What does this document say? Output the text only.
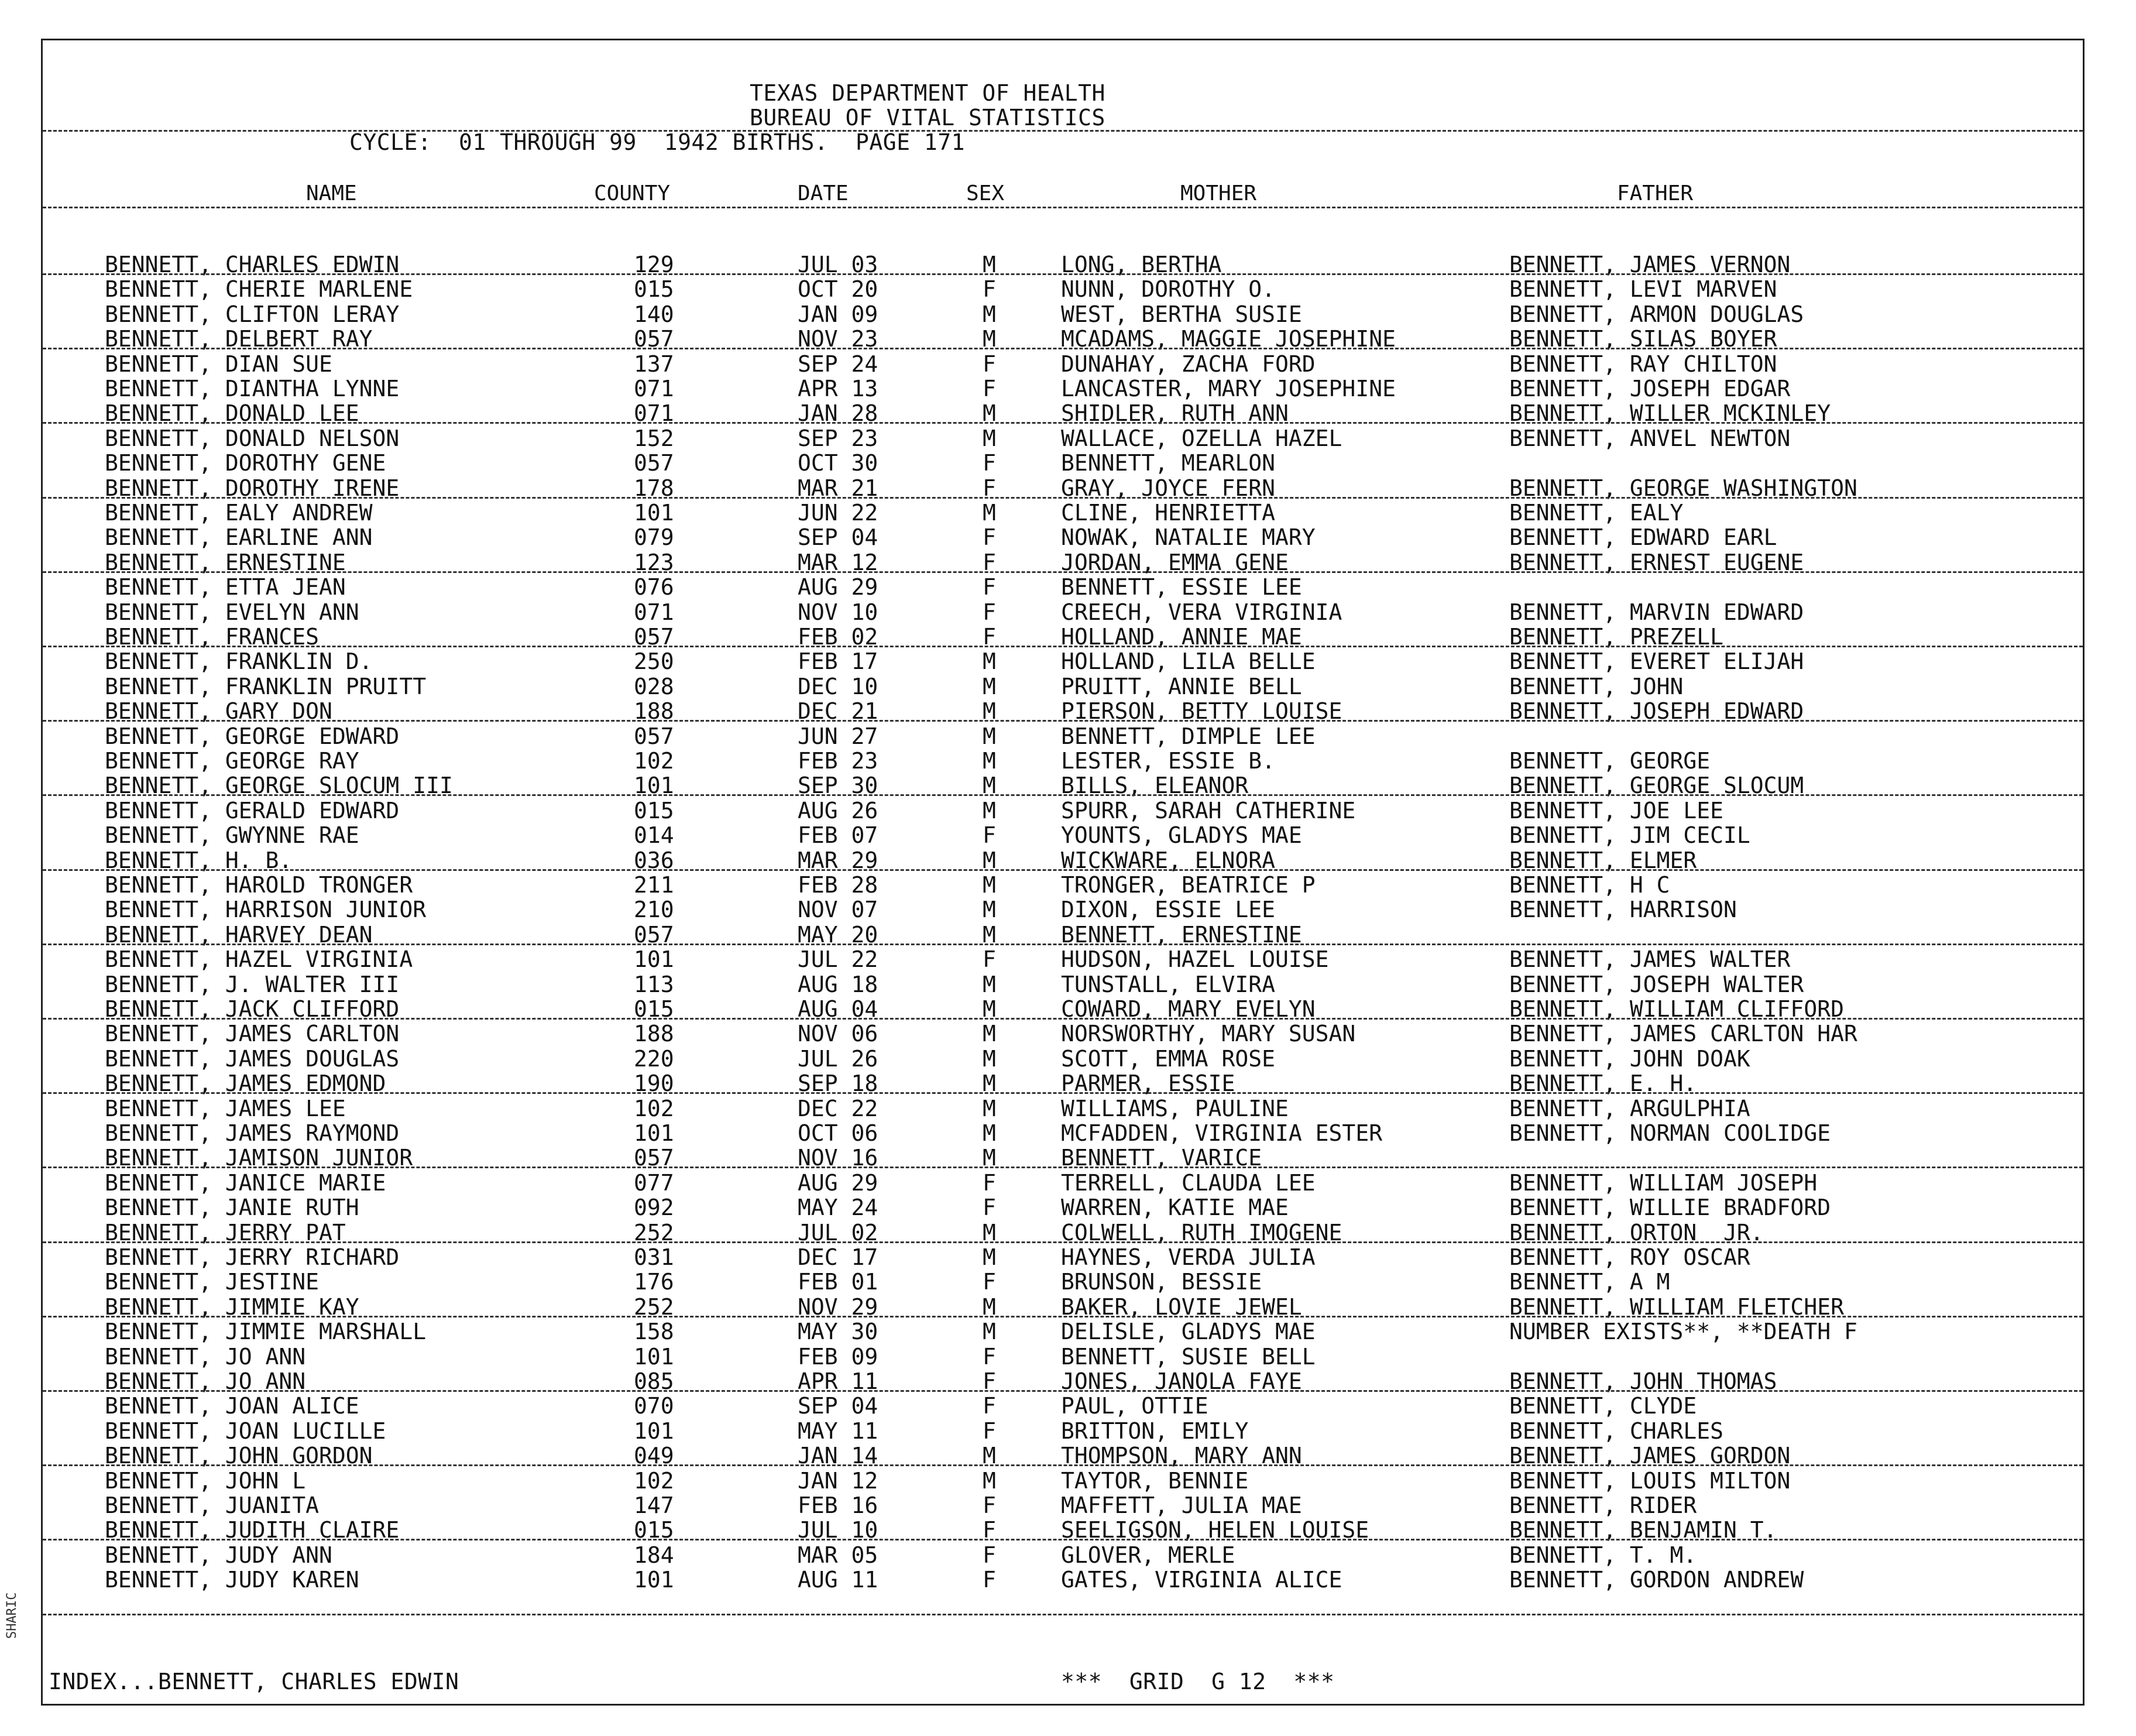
TEXAS DEPARTMENT OF HEALTH
BUREAU OF VITAL STATISTICS
CYCLE:  01 THROUGH 99  1942 BIRTHS.  PAGE 171
NAME	COUNTY	DATE	SEX	MOTHER	FATHER
BENNETT, CHARLES EDWIN	129	JUL 03	M	LONG, BERTHA	BENNETT, JAMES VERNON
BENNETT, CHERIE MARLENE	015	OCT 20	F	NUNN, DOROTHY O.	BENNETT, LEVI MARVEN
BENNETT, CLIFTON LERAY	140	JAN 09	M	WEST, BERTHA SUSIE	BENNETT, ARMON DOUGLAS
BENNETT, DELBERT RAY	057	NOV 23	M	MCADAMS, MAGGIE JOSEPHINE	BENNETT, SILAS BOYER
BENNETT, DIAN SUE	137	SEP 24	F	DUNAHAY, ZACHA FORD	BENNETT, RAY CHILTON
BENNETT, DIANTHA LYNNE	071	APR 13	F	LANCASTER, MARY JOSEPHINE	BENNETT, JOSEPH EDGAR
BENNETT, DONALD LEE	071	JAN 28	M	SHIDLER, RUTH ANN	BENNETT, WILLER MCKINLEY
BENNETT, DONALD NELSON	152	SEP 23	M	WALLACE, OZELLA HAZEL	BENNETT, ANVEL NEWTON
BENNETT, DOROTHY GENE	057	OCT 30	F	BENNETT, MEARLON
BENNETT, DOROTHY IRENE	178	MAR 21	F	GRAY, JOYCE FERN	BENNETT, GEORGE WASHINGTON
BENNETT, EALY ANDREW	101	JUN 22	M	CLINE, HENRIETTA	BENNETT, EALY
BENNETT, EARLINE ANN	079	SEP 04	F	NOWAK, NATALIE MARY	BENNETT, EDWARD EARL
BENNETT, ERNESTINE	123	MAR 12	F	JORDAN, EMMA GENE	BENNETT, ERNEST EUGENE
BENNETT, ETTA JEAN	076	AUG 29	F	BENNETT, ESSIE LEE
BENNETT, EVELYN ANN	071	NOV 10	F	CREECH, VERA VIRGINIA	BENNETT, MARVIN EDWARD
BENNETT, FRANCES	057	FEB 02	F	HOLLAND, ANNIE MAE	BENNETT, PREZELL
BENNETT, FRANKLIN D.	250	FEB 17	M	HOLLAND, LILA BELLE	BENNETT, EVERET ELIJAH
BENNETT, FRANKLIN PRUITT	028	DEC 10	M	PRUITT, ANNIE BELL	BENNETT, JOHN
BENNETT, GARY DON	188	DEC 21	M	PIERSON, BETTY LOUISE	BENNETT, JOSEPH EDWARD
BENNETT, GEORGE EDWARD	057	JUN 27	M	BENNETT, DIMPLE LEE
BENNETT, GEORGE RAY	102	FEB 23	M	LESTER, ESSIE B.	BENNETT, GEORGE
BENNETT, GEORGE SLOCUM III	101	SEP 30	M	BILLS, ELEANOR	BENNETT, GEORGE SLOCUM
BENNETT, GERALD EDWARD	015	AUG 26	M	SPURR, SARAH CATHERINE	BENNETT, JOE LEE
BENNETT, GWYNNE RAE	014	FEB 07	F	YOUNTS, GLADYS MAE	BENNETT, JIM CECIL
BENNETT, H. B.	036	MAR 29	M	WICKWARE, ELNORA	BENNETT, ELMER
BENNETT, HAROLD TRONGER	211	FEB 28	M	TRONGER, BEATRICE P	BENNETT, H C
BENNETT, HARRISON JUNIOR	210	NOV 07	M	DIXON, ESSIE LEE	BENNETT, HARRISON
BENNETT, HARVEY DEAN	057	MAY 20	M	BENNETT, ERNESTINE
BENNETT, HAZEL VIRGINIA	101	JUL 22	F	HUDSON, HAZEL LOUISE	BENNETT, JAMES WALTER
BENNETT, J. WALTER III	113	AUG 18	M	TUNSTALL, ELVIRA	BENNETT, JOSEPH WALTER
BENNETT, JACK CLIFFORD	015	AUG 04	M	COWARD, MARY EVELYN	BENNETT, WILLIAM CLIFFORD
BENNETT, JAMES CARLTON	188	NOV 06	M	NORSWORTHY, MARY SUSAN	BENNETT, JAMES CARLTON HAR
BENNETT, JAMES DOUGLAS	220	JUL 26	M	SCOTT, EMMA ROSE	BENNETT, JOHN DOAK
BENNETT, JAMES EDMOND	190	SEP 18	M	PARMER, ESSIE	BENNETT, E. H.
BENNETT, JAMES LEE	102	DEC 22	M	WILLIAMS, PAULINE	BENNETT, ARGULPHIA
BENNETT, JAMES RAYMOND	101	OCT 06	M	MCFADDEN, VIRGINIA ESTER	BENNETT, NORMAN COOLIDGE
BENNETT, JAMISON JUNIOR	057	NOV 16	M	BENNETT, VARICE
BENNETT, JANICE MARIE	077	AUG 29	F	TERRELL, CLAUDA LEE	BENNETT, WILLIAM JOSEPH
BENNETT, JANIE RUTH	092	MAY 24	F	WARREN, KATIE MAE	BENNETT, WILLIE BRADFORD
BENNETT, JERRY PAT	252	JUL 02	M	COLWELL, RUTH IMOGENE	BENNETT, ORTON  JR.
BENNETT, JERRY RICHARD	031	DEC 17	M	HAYNES, VERDA JULIA	BENNETT, ROY OSCAR
BENNETT, JESTINE	176	FEB 01	F	BRUNSON, BESSIE	BENNETT, A M
BENNETT, JIMMIE KAY	252	NOV 29	M	BAKER, LOVIE JEWEL	BENNETT, WILLIAM FLETCHER
BENNETT, JIMMIE MARSHALL	158	MAY 30	M	DELISLE, GLADYS MAE	NUMBER EXISTS**, **DEATH F
BENNETT, JO ANN	101	FEB 09	F	BENNETT, SUSIE BELL
BENNETT, JO ANN	085	APR 11	F	JONES, JANOLA FAYE	BENNETT, JOHN THOMAS
BENNETT, JOAN ALICE	070	SEP 04	F	PAUL, OTTIE	BENNETT, CLYDE
BENNETT, JOAN LUCILLE	101	MAY 11	F	BRITTON, EMILY	BENNETT, CHARLES
BENNETT, JOHN GORDON	049	JAN 14	M	THOMPSON, MARY ANN	BENNETT, JAMES GORDON
BENNETT, JOHN L	102	JAN 12	M	TAYTOR, BENNIE	BENNETT, LOUIS MILTON
BENNETT, JUANITA	147	FEB 16	F	MAFFETT, JULIA MAE	BENNETT, RIDER
BENNETT, JUDITH CLAIRE	015	JUL 10	F	SEELIGSON, HELEN LOUISE	BENNETT, BENJAMIN T.
BENNETT, JUDY ANN	184	MAR 05	F	GLOVER, MERLE	BENNETT, T. M.
BENNETT, JUDY KAREN	101	AUG 11	F	GATES, VIRGINIA ALICE	BENNETT, GORDON ANDREW
INDEX...BENNETT, CHARLES EDWIN	***  GRID  G 12  ***
SHARIC
